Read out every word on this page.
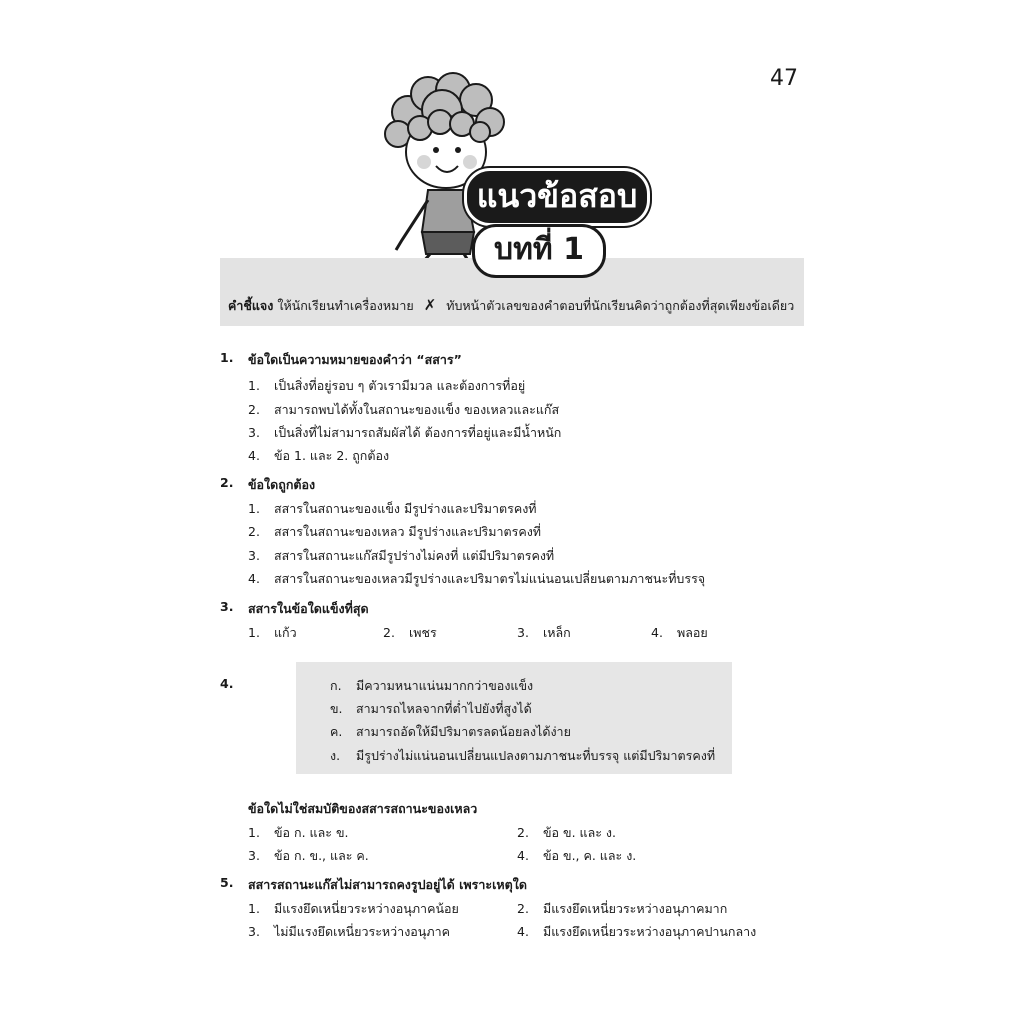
47
แนวข้อสอบ
บทที่ 1
คำชี้แจง ให้นักเรียนทำเครื่องหมาย ✗ ทับหน้าตัวเลขของคำตอบที่นักเรียนคิดว่าถูกต้องที่สุดเพียงข้อเดียว
1. ข้อใดเป็นความหมายของคำว่า “สสาร”
1. เป็นสิ่งที่อยู่รอบ ๆ ตัวเรามีมวล และต้องการที่อยู่
2. สามารถพบได้ทั้งในสถานะของแข็ง ของเหลวและแก๊ส
3. เป็นสิ่งที่ไม่สามารถสัมผัสได้ ต้องการที่อยู่และมีน้ำหนัก
4. ข้อ 1. และ 2. ถูกต้อง
2. ข้อใดถูกต้อง
1. สสารในสถานะของแข็ง มีรูปร่างและปริมาตรคงที่
2. สสารในสถานะของเหลว มีรูปร่างและปริมาตรคงที่
3. สสารในสถานะแก๊สมีรูปร่างไม่คงที่ แต่มีปริมาตรคงที่
4. สสารในสถานะของเหลวมีรูปร่างและปริมาตรไม่แน่นอนเปลี่ยนตามภาชนะที่บรรจุ
3. สสารในข้อใดแข็งที่สุด
1. แก้ว	2. เพชร	3. เหล็ก	4. พลอย
4.	ก. มีความหนาแน่นมากกว่าของแข็ง
ข. สามารถไหลจากที่ต่ำไปยังที่สูงได้
ค. สามารถอัดให้มีปริมาตรลดน้อยลงได้ง่าย
ง. มีรูปร่างไม่แน่นอนเปลี่ยนแปลงตามภาชนะที่บรรจุ แต่มีปริมาตรคงที่
ข้อใดไม่ใช่สมบัติของสสารสถานะของเหลว
1. ข้อ ก. และ ข.	2. ข้อ ข. และ ง.
3. ข้อ ก. ข., และ ค.	4. ข้อ ข., ค. และ ง.
5. สสารสถานะแก๊สไม่สามารถคงรูปอยู่ได้ เพราะเหตุใด
1. มีแรงยึดเหนี่ยวระหว่างอนุภาคน้อย	2. มีแรงยึดเหนี่ยวระหว่างอนุภาคมาก
3. ไม่มีแรงยึดเหนี่ยวระหว่างอนุภาค	4. มีแรงยึดเหนี่ยวระหว่างอนุภาคปานกลาง
